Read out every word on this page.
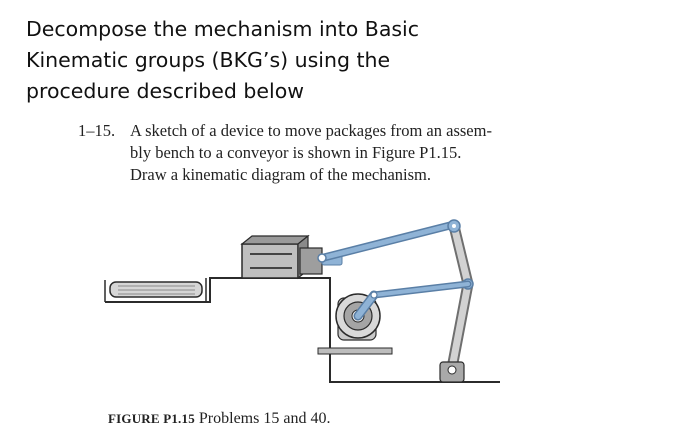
Decompose the mechanism into Basic
Kinematic groups (BKG’s) using the
procedure described below
1–15. A sketch of a device to move packages from an assem-
bly bench to a conveyor is shown in Figure P1.15.
Draw a kinematic diagram of the mechanism.
FIGURE P1.15 Problems 15 and 40.
